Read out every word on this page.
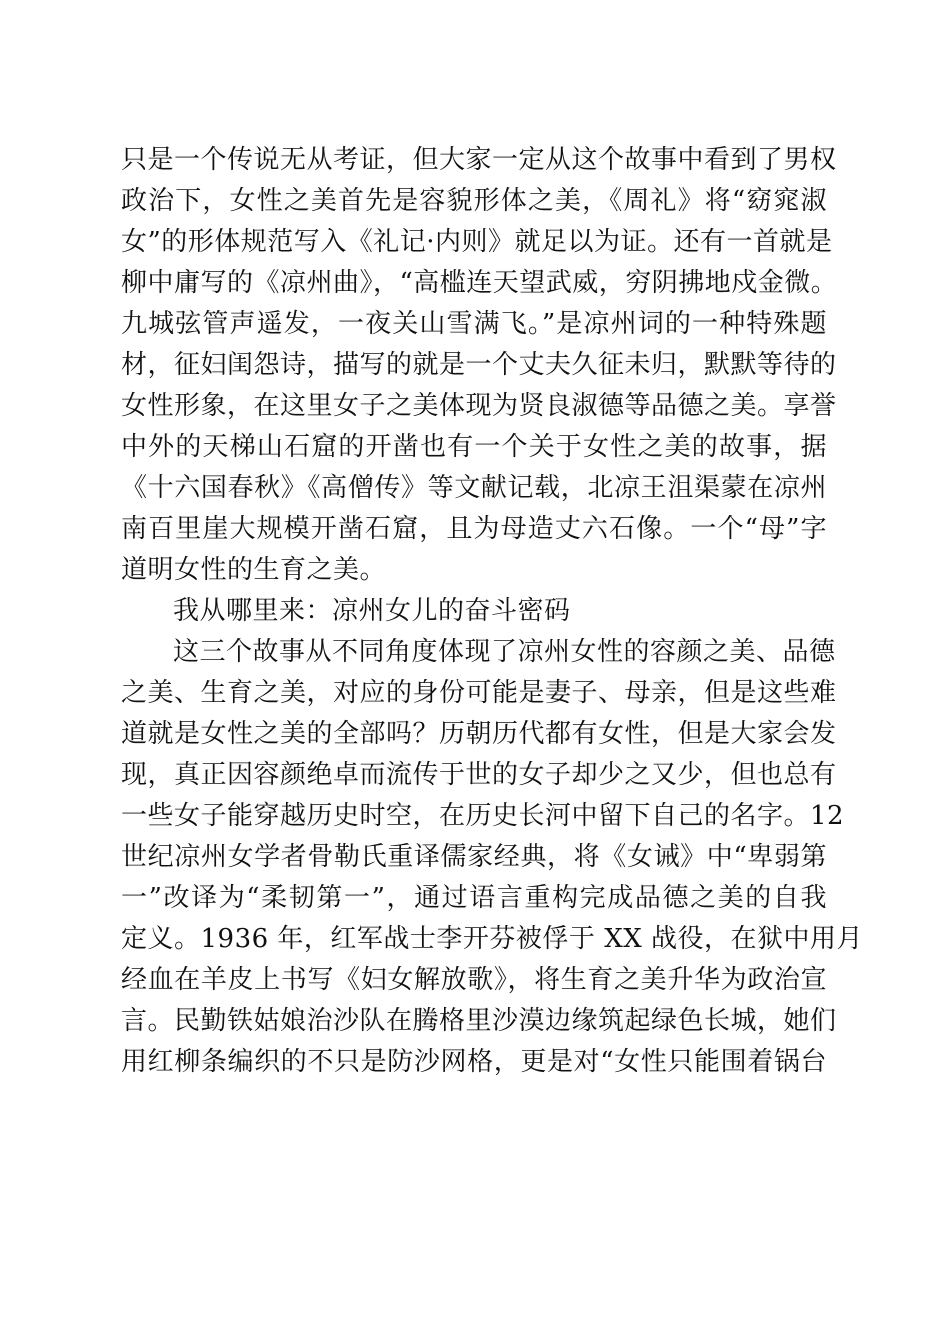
只是一个传说无从考证，但大家一定从这个故事中看到了男权
政治下，女性之美首先是容貌形体之美，《周礼》将“窈窕淑
女”的形体规范写入《礼记·内则》就足以为证。还有一首就是
柳中庸写的《凉州曲》，“高槛连天望武威，穷阴拂地戍金微。
九城弦管声遥发，一夜关山雪满飞。”是凉州词的一种特殊题
材，征妇闺怨诗，描写的就是一个丈夫久征未归，默默等待的
女性形象，在这里女子之美体现为贤良淑德等品德之美。享誉
中外的天梯山石窟的开凿也有一个关于女性之美的故事，据
《十六国春秋》《高僧传》等文献记载，北凉王沮渠蒙在凉州
南百里崖大规模开凿石窟，且为母造丈六石像。一个“母”字
道明女性的生育之美。
我从哪里来：凉州女儿的奋斗密码
这三个故事从不同角度体现了凉州女性的容颜之美、品德
之美、生育之美，对应的身份可能是妻子、母亲，但是这些难
道就是女性之美的全部吗？历朝历代都有女性，但是大家会发
现，真正因容颜绝卓而流传于世的女子却少之又少，但也总有
一些女子能穿越历史时空，在历史长河中留下自己的名字。12
世纪凉州女学者骨勒氏重译儒家经典，将《女诫》中“卑弱第
一”改译为“柔韧第一”，通过语言重构完成品德之美的自我
定义。1936 年，红军战士李开芬被俘于 XX 战役，在狱中用月
经血在羊皮上书写《妇女解放歌》，将生育之美升华为政治宣
言。民勤铁姑娘治沙队在腾格里沙漠边缘筑起绿色长城，她们
用红柳条编织的不只是防沙网格，更是对“女性只能围着锅台
